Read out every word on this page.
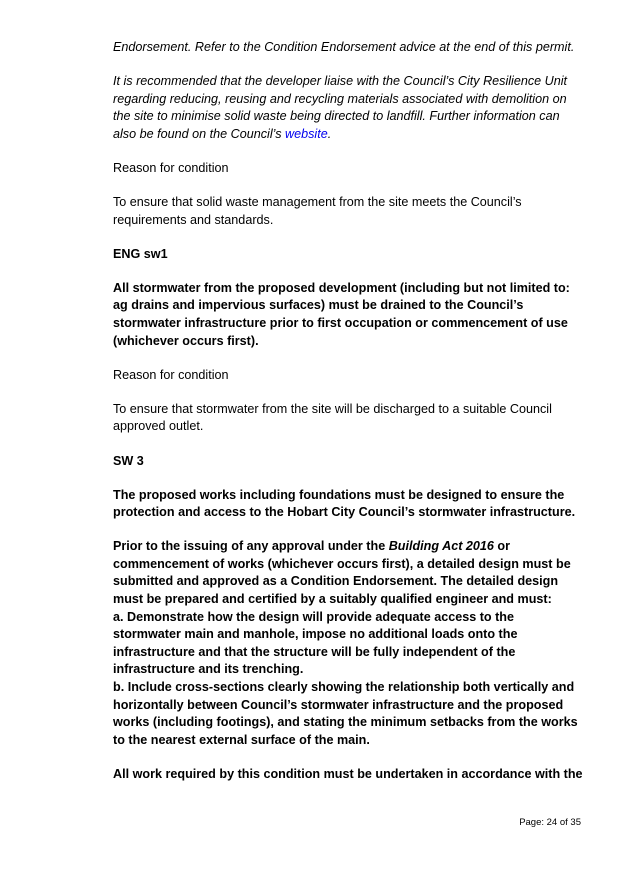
Endorsement. Refer to the Condition Endorsement advice at the end of this permit.

It is recommended that the developer liaise with the Council’s City Resilience Unit regarding reducing, reusing and recycling materials associated with demolition on the site to minimise solid waste being directed to landfill. Further information can also be found on the Council’s website.

Reason for condition

To ensure that solid waste management from the site meets the Council’s requirements and standards.

ENG sw1

All stormwater from the proposed development (including but not limited to: ag drains and impervious surfaces) must be drained to the Council’s stormwater infrastructure prior to first occupation or commencement of use (whichever occurs first).

Reason for condition

To ensure that stormwater from the site will be discharged to a suitable Council approved outlet.

SW 3

The proposed works including foundations must be designed to ensure the protection and access to the Hobart City Council’s stormwater infrastructure.

Prior to the issuing of any approval under the Building Act 2016 or commencement of works (whichever occurs first), a detailed design must be submitted and approved as a Condition Endorsement. The detailed design must be prepared and certified by a suitably qualified engineer and must:
a. Demonstrate how the design will provide adequate access to the stormwater main and manhole, impose no additional loads onto the infrastructure and that the structure will be fully independent of the infrastructure and its trenching.
b. Include cross-sections clearly showing the relationship both vertically and horizontally between Council’s stormwater infrastructure and the proposed works (including footings), and stating the minimum setbacks from the works to the nearest external surface of the main.

All work required by this condition must be undertaken in accordance with the

Page: 24 of 35
